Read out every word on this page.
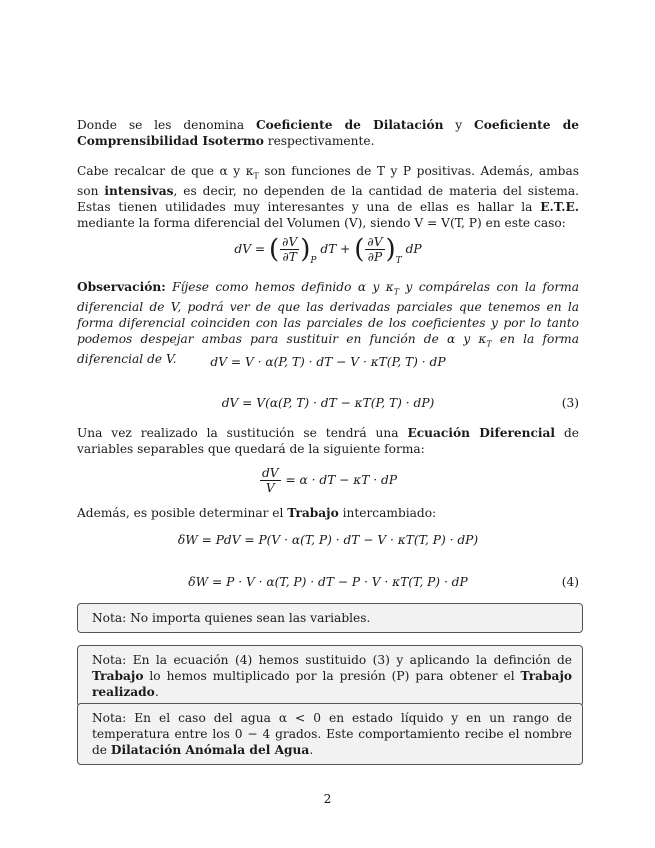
Donde se les denomina Coeficiente de Dilatación y Coeficiente de Comprensibilidad Isotermo respectivamente.

Cabe recalcar de que α y $\kappa_T$ son funciones de T y P positivas. Además, ambas son intensivas, es decir, no dependen de la cantidad de materia del sistema. Estas tienen utilidades muy interesantes y una de ellas es hallar la E.T.E. mediante la forma diferencial del Volumen (V), siendo V = V(T, P) en este caso:

dV = ( $\frac{\partial V}{\partial T} )_P$ dT + ( $\frac{\partial V}{\partial P} )_T$ dP

Observación: Fíjese como hemos definido α y $\kappa_T$ y compárelas con la forma diferencial de V, podrá ver de que las derivadas parciales que tenemos en la forma diferencial coinciden con las parciales de los coeficientes y por lo tanto podemos despejar ambas para sustituir en función de α y $\kappa_T$ en la forma diferencial de V.	dV = V · α(P, T) · dT − V · κT(P, T) · dP
dV = V(α(P, T) · dT − κT(P, T) · dP)	(3)

Una vez realizado la sustitución se tendrá una Ecuación Diferencial de variables separables que quedará de la siguiente forma:

$\frac{dV}{V} = \alpha$ · dT − κT · dP

Además, es posible determinar el Trabajo intercambiado:

δW = PdV = P(V · α(T, P) · dT − V · κT(T, P) · dP)
δW = P · V · α(T, P) · dT − P · V · κT(T, P) · dP	(4)
Nota: No importa quienes sean las variables.
Nota: En la ecuación (4) hemos sustituido (3) y aplicando la definción de Trabajo lo hemos multiplicado por la presión (P) para obtener el Trabajo realizado.
Nota: En el caso del agua α < 0 en estado líquido y en un rango de temperatura entre los 0 − 4 grados. Este comportamiento recibe el nombre de Dilatación Anómala del Agua.
2
